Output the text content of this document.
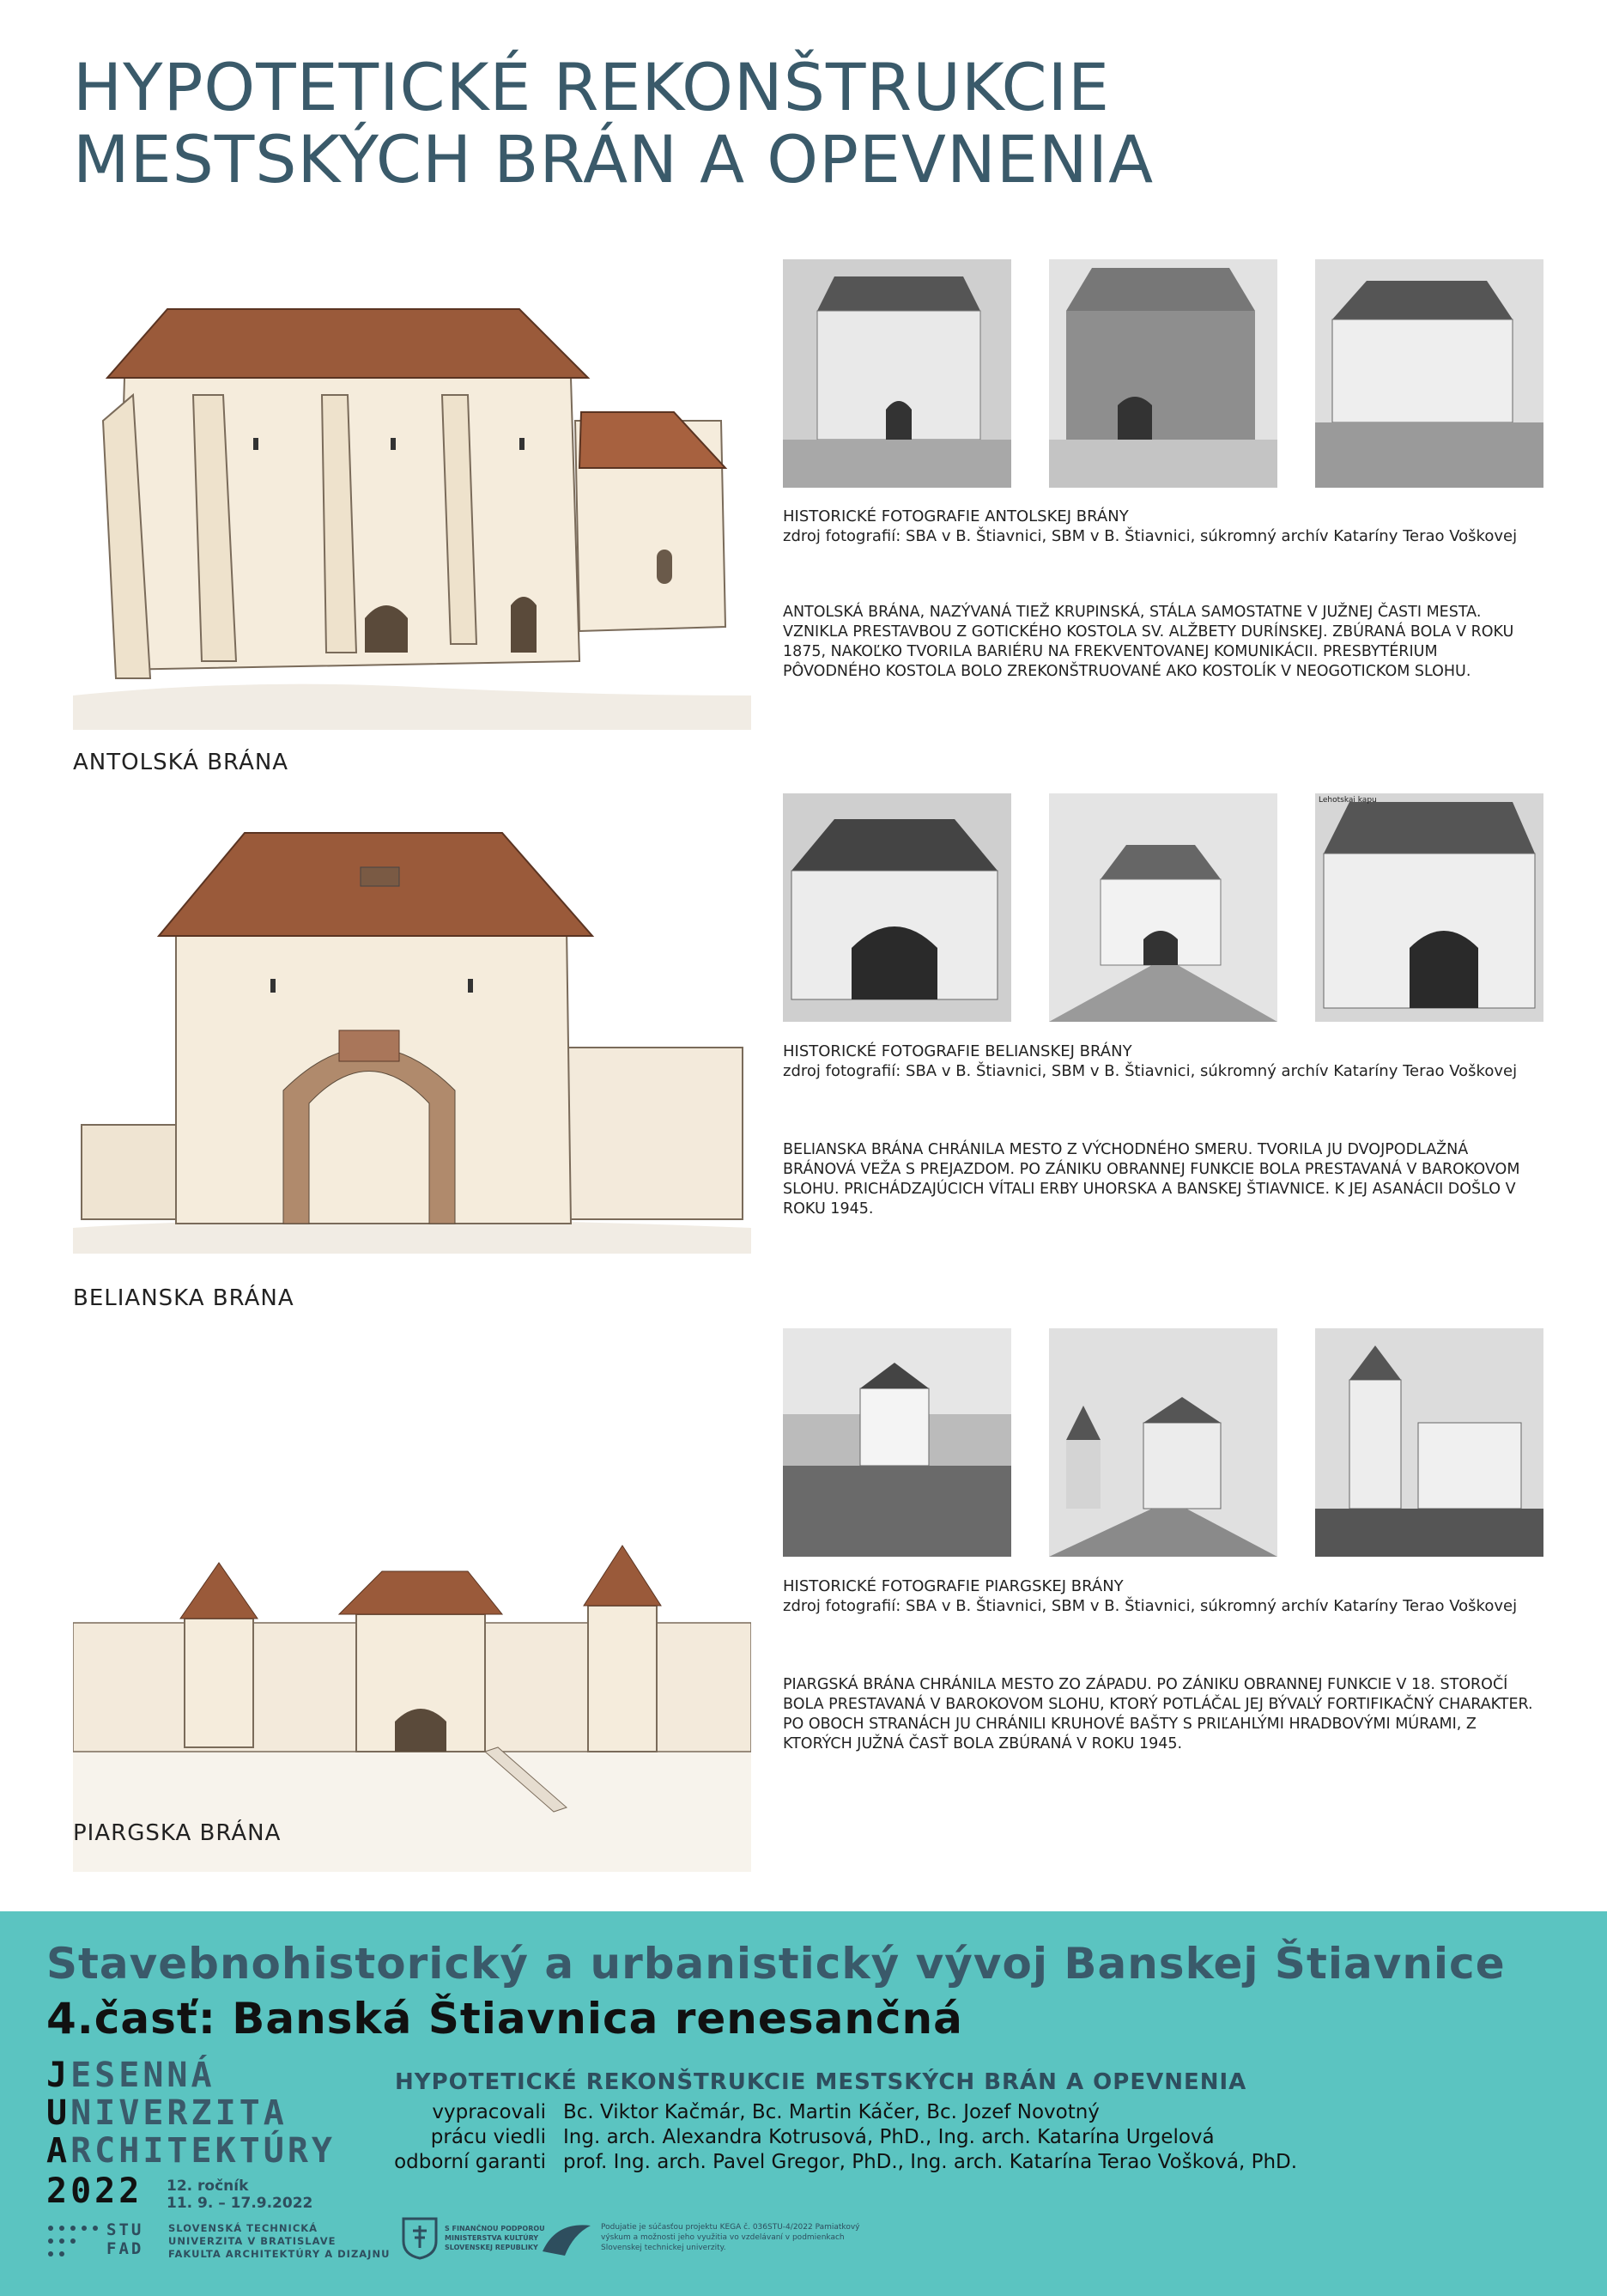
HYPOTETICKÉ REKONŠTRUKCIE
MESTSKÝCH BRÁN A OPEVNENIA
ANTOLSKÁ BRÁNA
HISTORICKÉ FOTOGRAFIE ANTOLSKEJ BRÁNY
zdroj fotografií: SBA v B. Štiavnici, SBM v B. Štiavnici, súkromný archív Kataríny Terao Voškovej
ANTOLSKÁ BRÁNA, NAZÝVANÁ TIEŽ KRUPINSKÁ, STÁLA SAMOSTATNE V JUŽNEJ ČASTI MESTA. VZNIKLA PRESTAVBOU Z GOTICKÉHO KOSTOLA SV. ALŽBETY DURÍNSKEJ. ZBÚRANÁ BOLA V ROKU 1875, NAKOĽKO TVORILA BARIÉRU NA FREKVENTOVANEJ KOMUNIKÁCII. PRESBYTÉRIUM PÔVODNÉHO KOSTOLA BOLO ZREKONŠTRUOVANÉ AKO KOSTOLÍK V NEOGOTICKOM SLOHU.
BELIANSKA BRÁNA
Lehotskai kapu
HISTORICKÉ FOTOGRAFIE BELIANSKEJ BRÁNY
zdroj fotografií: SBA v B. Štiavnici, SBM v B. Štiavnici, súkromný archív Kataríny Terao Voškovej
BELIANSKA BRÁNA CHRÁNILA MESTO Z VÝCHODNÉHO SMERU. TVORILA JU DVOJPODLAŽNÁ BRÁNOVÁ VEŽA S PREJAZDOM. PO ZÁNIKU OBRANNEJ FUNKCIE BOLA PRESTAVANÁ V BAROKOVOM SLOHU. PRICHÁDZAJÚCICH VÍTALI ERBY UHORSKA A BANSKEJ ŠTIAVNICE. K JEJ ASANÁCII DOŠLO V ROKU 1945.
PIARGSKA BRÁNA
HISTORICKÉ FOTOGRAFIE PIARGSKEJ BRÁNY
zdroj fotografií: SBA v B. Štiavnici, SBM v B. Štiavnici, súkromný archív Kataríny Terao Voškovej
PIARGSKÁ BRÁNA CHRÁNILA MESTO ZO ZÁPADU. PO ZÁNIKU OBRANNEJ FUNKCIE V 18. STOROČÍ BOLA PRESTAVANÁ V BAROKOVOM SLOHU, KTORÝ POTLÁČAL JEJ BÝVALÝ FORTIFIKAČNÝ CHARAKTER. PO OBOCH STRANÁCH JU CHRÁNILI KRUHOVÉ BAŠTY S PRIĽAHLÝMI HRADBOVÝMI MÚRAMI, Z KTORÝCH JUŽNÁ ČASŤ BOLA ZBÚRANÁ V ROKU 1945.
Stavebnohistorický a urbanistický vývoj Banskej Štiavnice
4.časť: Banská Štiavnica renesančná
JESENNÁ
UNIVERZITA
ARCHITEKTÚRY
2022 12. ročník
11. 9. – 17.9.2022
STU
FAD
SLOVENSKÁ TECHNICKÁ
UNIVERZITA V BRATISLAVE
FAKULTA ARCHITEKTÚRY A DIZAJNU
S FINANČNOU PODPOROU
MINISTERSTVA KULTÚRY
SLOVENSKEJ REPUBLIKY
Podujatie je súčasťou projektu KEGA č. 036STU-4/2022 Pamiatkový
výskum a možnosti jeho využitia vo vzdelávaní v podmienkach
Slovenskej technickej univerzity.
HYPOTETICKÉ REKONŠTRUKCIE MESTSKÝCH BRÁN A OPEVNENIA
vypracovali Bc. Viktor Kačmár, Bc. Martin Káčer, Bc. Jozef Novotný
prácu viedli Ing. arch. Alexandra Kotrusová, PhD., Ing. arch. Katarína Urgelová
odborní garanti prof. Ing. arch. Pavel Gregor, PhD., Ing. arch. Katarína Terao Vošková, PhD.
